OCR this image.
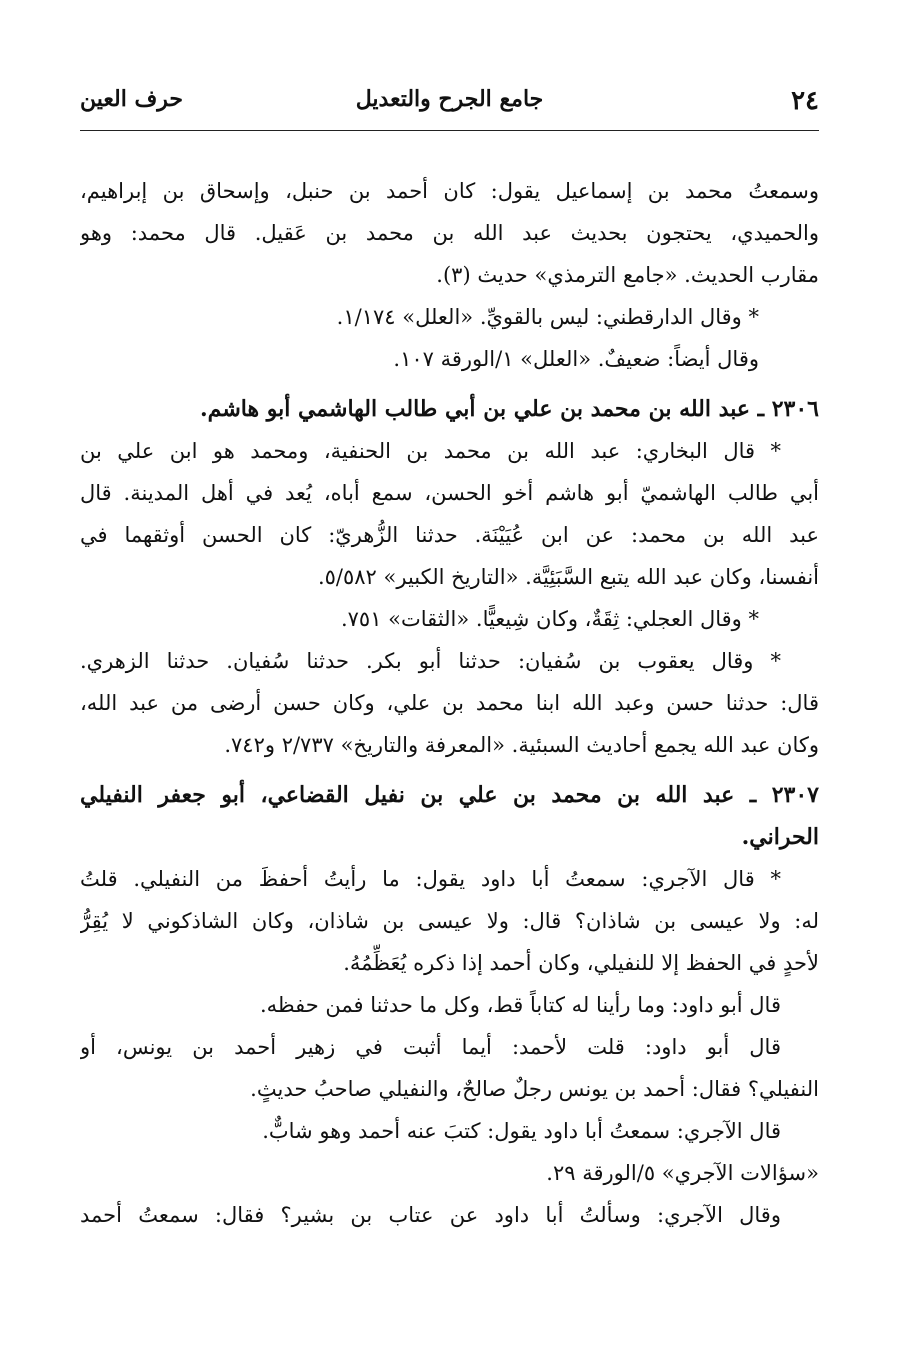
٢٤
جامع الجرح والتعديل
حرف العين
وسمعتُ محمد بن إسماعيل يقول: كان أحمد بن حنبل، وإسحاق بن إبراهيم،
والحميدي، يحتجون بحديث عبد الله بن محمد بن عَقيل. قال محمد: وهو
مقارب الحديث. «جامع الترمذي» حديث (٣).
* وقال الدارقطني: ليس بالقويِّ. «العلل» ١/١٧٤.
وقال أيضاً: ضعيفٌ. «العلل» ١/الورقة ١٠٧.
٢٣٠٦ ـ عبد الله بن محمد بن علي بن أبي طالب الهاشمي أبو هاشم.
* قال البخاري: عبد الله بن محمد بن الحنفية، ومحمد هو ابن علي بن
أبي طالب الهاشميّ أبو هاشم أخو الحسن، سمع أباه، يُعد في أهل المدينة. قال
عبد الله بن محمد: عن ابن عُيَيْنَة. حدثنا الزُّهريّ: كان الحسن أوثقهما في
أنفسنا، وكان عبد الله يتبع السَّبَئِيَّة. «التاريخ الكبير» ٥/٥٨٢.
* وقال العجلي: ثِقَةٌ، وكان شِيعيًّا. «الثقات» ٧٥١.
* وقال يعقوب بن سُفيان: حدثنا أبو بكر. حدثنا سُفيان. حدثنا الزهري.
قال: حدثنا حسن وعبد الله ابنا محمد بن علي، وكان حسن أرضى من عبد الله،
وكان عبد الله يجمع أحاديث السبئية. «المعرفة والتاريخ» ٢/٧٣٧ و٧٤٢.
٢٣٠٧ ـ عبد الله بن محمد بن علي بن نفيل القضاعي، أبو جعفر النفيلي
الحراني.
* قال الآجري: سمعتُ أبا داود يقول: ما رأيتُ أحفظَ من النفيلي. قلتُ
له: ولا عيسى بن شاذان؟ قال: ولا عيسى بن شاذان، وكان الشاذكوني لا يُقِرُّ
لأحدٍ في الحفظ إلا للنفيلي، وكان أحمد إذا ذكره يُعَظِّمُهُ.
قال أبو داود: وما رأينا له كتاباً قط، وكل ما حدثنا فمن حفظه.
قال أبو داود: قلت لأحمد: أيما أثبت في زهير أحمد بن يونس، أو
النفيلي؟ فقال: أحمد بن يونس رجلٌ صالحٌ، والنفيلي صاحبُ حديثٍ.
قال الآجري: سمعتُ أبا داود يقول: كتبَ عنه أحمد وهو شابٌّ.
«سؤالات الآجري» ٥/الورقة ٢٩.
وقال الآجري: وسألتُ أبا داود عن عتاب بن بشير؟ فقال: سمعتُ أحمد
